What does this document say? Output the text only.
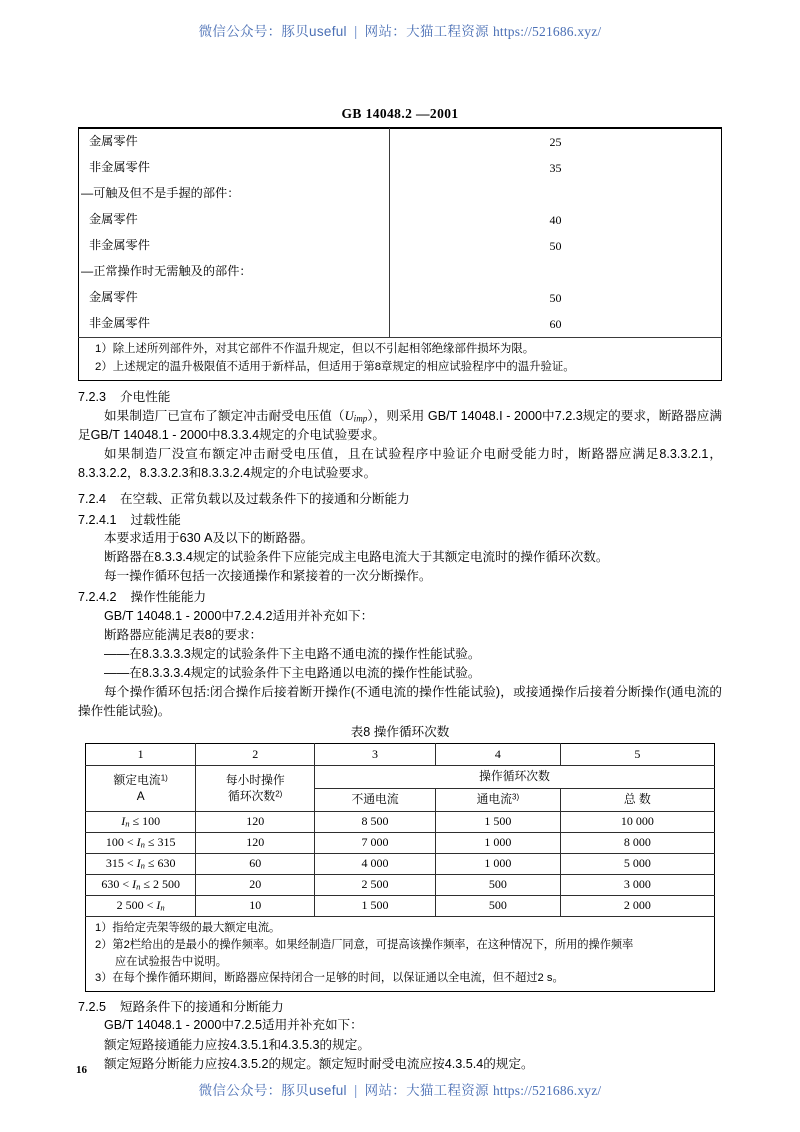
微信公众号：豚贝useful | 网站：大猫工程资源 https://521686.xyz/
GB 14048.2 —2001
16
金属零件	25
非金属零件	35
—可触及但不是手握的部件：	
金属零件	40
非金属零件	50
—正常操作时无需触及的部件：	
金属零件	50
非金属零件	60
1）除上述所列部件外，对其它部件不作温升规定，但以不引起相邻绝缘部件损坏为限。
2）上述规定的温升极限值不适用于新样品，但适用于第8章规定的相应试验程序中的温升验证。
7.2.3 介电性能

如果制造厂已宣布了额定冲击耐受电压值（Uimp），则采用 GB/T 14048.I - 2000中7.2.3规定的要求，断路器应满足GB/T 14048.1 - 2000中8.3.3.4规定的介电试验要求。

如果制造厂没宣布额定冲击耐受电压值，且在试验程序中验证介电耐受能力时，断路器应满足8.3.3.2.1，8.3.3.2.2，8.3.3.2.3和8.3.3.2.4规定的介电试验要求。

7.2.4 在空载、正常负载以及过载条件下的接通和分断能力
7.2.4.1 过载性能

本要求适用于630 A及以下的断路器。

断路器在8.3.3.4规定的试验条件下应能完成主电路电流大于其额定电流时的操作循环次数。

每一操作循环包括一次接通操作和紧接着的一次分断操作。

7.2.4.2 操作性能能力

GB/T 14048.1 - 2000中7.2.4.2适用并补充如下：

断路器应能满足表8的要求：

——在8.3.3.3.3规定的试验条件下主电路不通电流的操作性能试验。

——在8.3.3.3.4规定的试验条件下主电路通以电流的操作性能试验。

每个操作循环包括:闭合操作后接着断开操作(不通电流的操作性能试验)，或接通操作后接着分断操作(通电流的操作性能试验)。

表8 操作循环次数
1	2	3	4	5

额定电流$^{1)}$
A

每小时操作
循环次数$^{2)}$
	操作循环次数
		不通电流	通电流$^{3)}$	总 数
In ≤ 100	120	8 500	1 500	10 000
100 < In ≤ 315	120	7 000	1 000	8 000
315 < In ≤ 630	60	4 000	1 000	5 000
630 < In ≤ 2 500	20	2 500	500	3 000
2 500 < In	10	1 500	500	2 000

1）指给定壳架等级的最大额定电流。
2）第2栏给出的是最小的操作频率。如果经制造厂同意，可提高该操作频率，在这种情况下，所用的操作频率
应在试验报告中说明。
3）在每个操作循环期间，断路器应保持闭合一足够的时间，以保证通以全电流，但不超过2 s。				
7.2.5 短路条件下的接通和分断能力

GB/T 14048.1 - 2000中7.2.5适用并补充如下：

额定短路接通能力应按4.3.5.1和4.3.5.3的规定。

额定短路分断能力应按4.3.5.2的规定。额定短时耐受电流应按4.3.5.4的规定。

微信公众号：豚贝useful | 网站：大猫工程资源 https://521686.xyz/
